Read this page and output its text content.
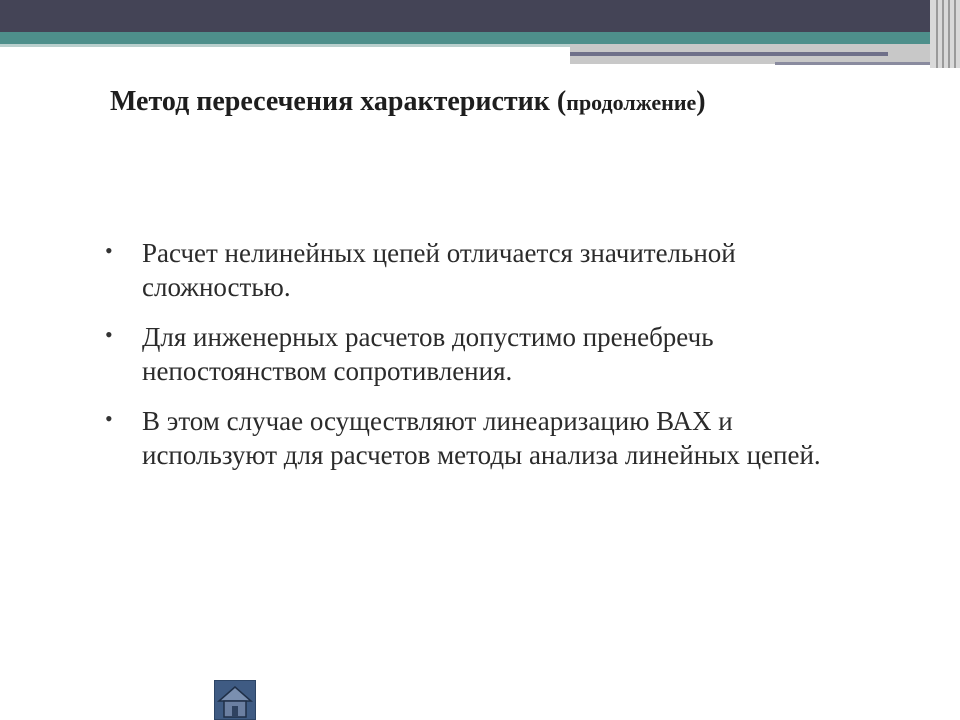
Метод пересечения характеристик (продолжение)
• Расчет нелинейных цепей отличается значительной сложностью.
• Для инженерных расчетов допустимо пренебречь непостоянством сопротивления.
• В этом случае осуществляют линеаризацию ВАХ и используют для расчетов методы анализа линейных цепей.
